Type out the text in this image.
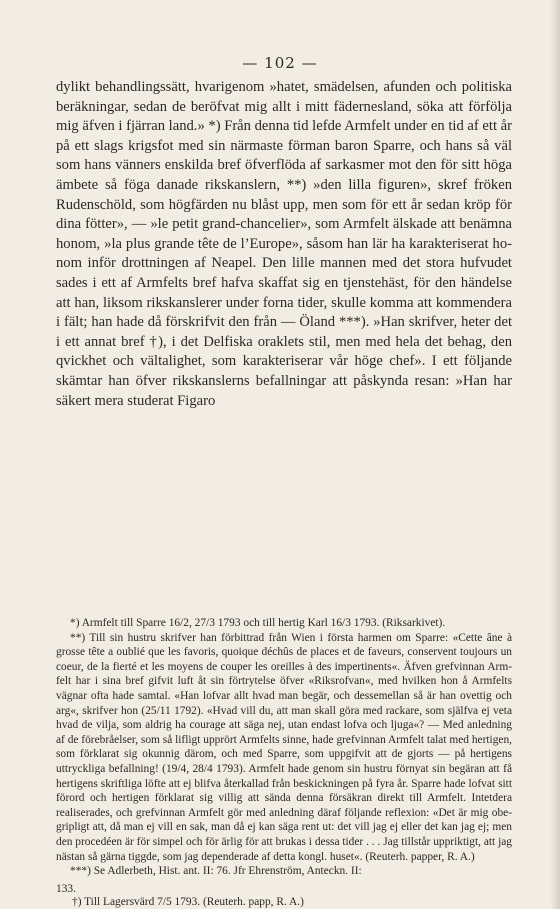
— 102 —

dylikt behandlingssätt, hvarigenom »hatet, smädelsen, afunden och politiska beräkningar, sedan de beröfvat mig allt i mitt fädernesland, söka att förfölja mig äfven i fjärran land.» *) Från denna tid lefde Armfelt under en tid af ett år på ett slags krigsfot med sin närmaste förman baron Sparre, och hans så väl som hans vänners enskilda bref öfverflöda af sarkasmer mot den för sitt höga ämbete så föga danade rikskanslern, **) »den lilla figuren», skref fröken Rudenschöld, som högfärden nu blåst upp, men som för ett år sedan kröp för dina fötter», — »le petit grand-chancelier», som Armfelt älskade att benämna honom, »la plus grande tête de l’Europe», såsom han lär ha karakteriserat honom inför drottningen af Neapel. Den lille mannen med det stora hufvudet sades i ett af Armfelts bref hafva skaffat sig en tjenstehäst, för den händelse att han, liksom rikskanslerer under forna tider, skulle komma att kommendera i fält; han hade då förskrifvit den från — Öland ***). »Han skrifver, heter det i ett annat bref †), i det Delfiska oraklets stil, men med hela det behag, den qvickhet och vältalighet, som karakteriserar vår höge chef». I ett följande skämtar han öfver rikskanslerns befallningar att påskynda resan: »Han har säkert mera studerat Figaro

*) Armfelt till Sparre 16/2, 27/3 1793 och till hertig Karl 16/3 1793. (Riksarkivet).

**) Till sin hustru skrifver han förbittrad från Wien i första harmen om Sparre: «Cette âne à grosse tête a oublié que les favoris, quoique déchûs de places et de faveurs, conservent toujours un coeur, de la fierté et les moyens de couper les oreilles à des impertinents«. Äfven grefvinnan Armfelt har i sina bref gifvit luft åt sin förtrytelse öfver «Riksrofvan«, med hvilken hon å Armfelts vägnar ofta hade samtal. «Han lofvar allt hvad man begär, och dessemellan så är han ovettig och arg«, skrifver hon (25/11 1792). «Hvad vill du, att man skall göra med rackare, som själfva ej veta hvad de vilja, som aldrig ha courage att säga nej, utan endast lofva och ljuga«? — Med anledning af de förebråelser, som så lifligt upprört Armfelts sinne, hade grefvinnan Armfelt talat med hertigen, som förklarat sig okunnig därom, och med Sparre, som uppgifvit att de gjorts — på hertigens uttryckliga befallning! (19/4, 28/4 1793). Armfelt hade genom sin hustru förnyat sin begäran att få hertigens skriftliga löfte att ej blifva återkallad från beskickningen på fyra år. Sparre hade lofvat sitt förord och hertigen förklarat sig villig att sända denna försäkran direkt till Armfelt. Intetdera realiserades, och grefvinnan Armfelt gör med anledning däraf följande reflexion: «Det är mig obegripligt att, då man ej vill en sak, man då ej kan säga rent ut: det vill jag ej eller det kan jag ej; men den procedéen är för simpel och för ärlig för att brukas i dessa tider . . . Jag tillstår uppriktigt, att jag nästan så gärna tiggde, som jag dependerade af detta kongl. huset«. (Reuterh. papper, R. A.)

***) Se Adlerbeth, Hist. ant. II: 76. Jfr Ehrenström, Anteckn. II:

133.
†) Till Lagersvärd 7/5 1793. (Reuterh. papp, R. A.)
